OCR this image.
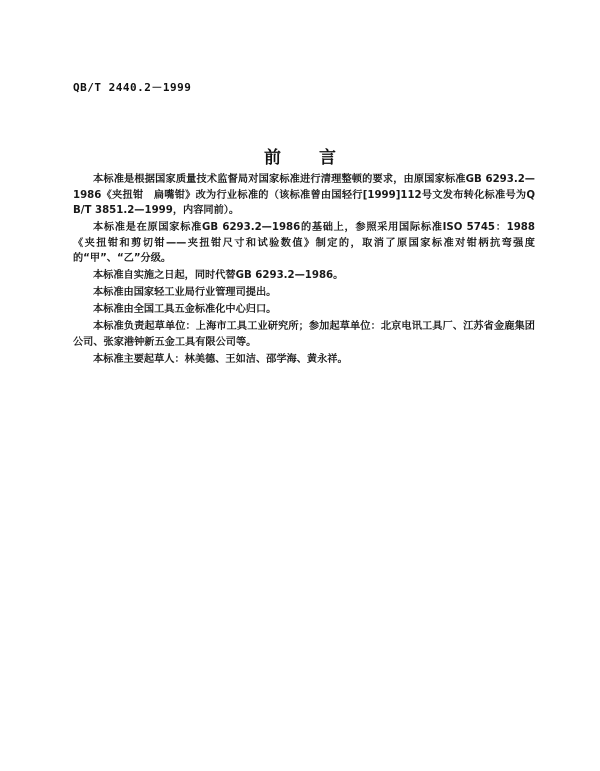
QB/T 2440.2－1999
前言

本标准是根据国家质量技术监督局对国家标准进行清理整顿的要求，由原国家标准GB 6293.2—1986《夹扭钳　扁嘴钳》改为行业标准的（该标准曾由国轻行[1999]112号文发布转化标准号为QB/T 3851.2—1999，内容同前）。

本标准是在原国家标准GB 6293.2—1986的基础上，参照采用国际标准ISO 5745：1988《夹扭钳和剪切钳——夹扭钳尺寸和试验数值》制定的，取消了原国家标准对钳柄抗弯强度的“甲”、“乙”分级。

本标准自实施之日起，同时代替GB 6293.2—1986。

本标准由国家轻工业局行业管理司提出。

本标准由全国工具五金标准化中心归口。

本标准负责起草单位：上海市工具工业研究所；参加起草单位：北京电讯工具厂、江苏省金鹿集团公司、张家港钟新五金工具有限公司等。

本标准主要起草人：林美德、王如洁、邵学海、黄永祥。
